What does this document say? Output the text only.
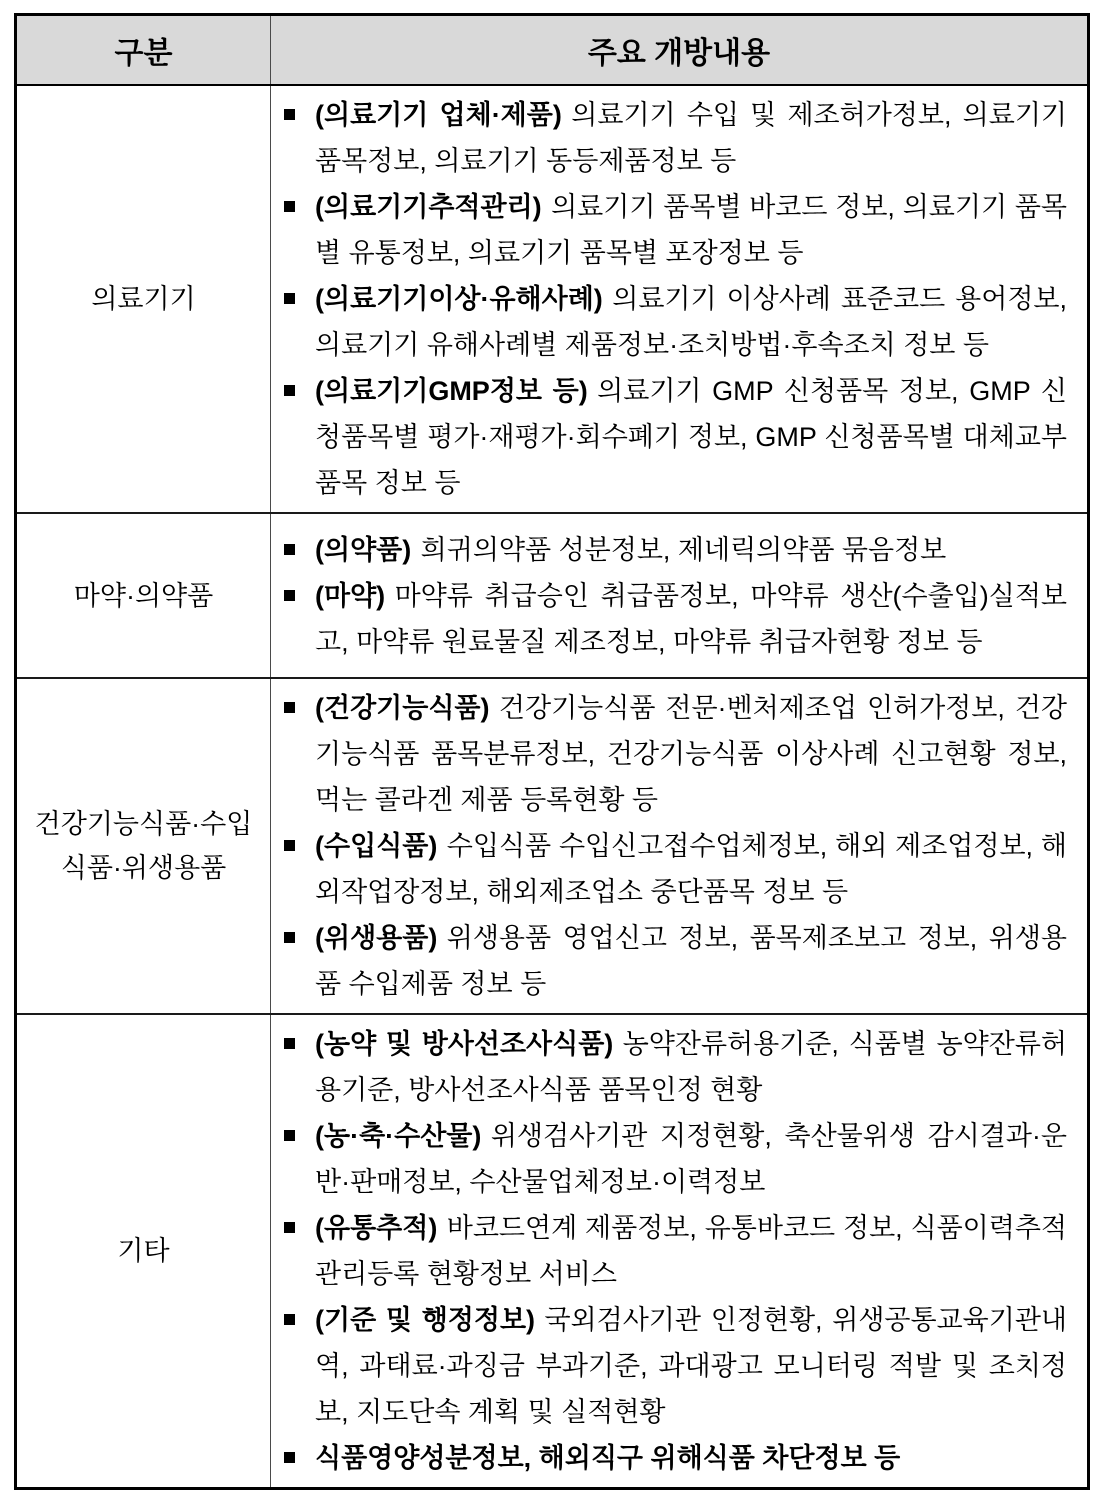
구분	주요 개방내용
의료기기	
(의료기기 업체·제품) 의료기기 수입 및 제조허가정보, 의료기기 품목정보, 의료기기 동등제품정보 등
(의료기기추적관리) 의료기기 품목별 바코드 정보, 의료기기 품목별 유통정보, 의료기기 품목별 포장정보 등
(의료기기이상·유해사례) 의료기기 이상사례 표준코드 용어정보, 의료기기 유해사례별 제품정보·조치방법·후속조치 정보 등
(의료기기GMP정보 등) 의료기기 GMP 신청품목 정보, GMP 신청품목별 평가·재평가·회수폐기 정보, GMP 신청품목별 대체교부품목 정보 등

마약·의약품	
(의약품) 희귀의약품 성분정보, 제네릭의약품 묶음정보
(마약) 마약류 취급승인 취급품정보, 마약류 생산(수출입)실적보고, 마약류 원료물질 제조정보, 마약류 취급자현황 정보 등

건강기능식품·수입식품·위생용품	
(건강기능식품) 건강기능식품 전문·벤처제조업 인허가정보, 건강기능식품 품목분류정보, 건강기능식품 이상사례 신고현황 정보, 먹는 콜라겐 제품 등록현황 등
(수입식품) 수입식품 수입신고접수업체정보, 해외 제조업정보, 해외작업장정보, 해외제조업소 중단품목 정보 등
(위생용품) 위생용품 영업신고 정보, 품목제조보고 정보, 위생용품 수입제품 정보 등

기타	
(농약 및 방사선조사식품) 농약잔류허용기준, 식품별 농약잔류허용기준, 방사선조사식품 품목인정 현황
(농·축·수산물) 위생검사기관 지정현황, 축산물위생 감시결과·운반·판매정보, 수산물업체정보·이력정보
(유통추적) 바코드연계 제품정보, 유통바코드 정보, 식품이력추적관리등록 현황정보 서비스
(기준 및 행정정보) 국외검사기관 인정현황, 위생공통교육기관내역, 과태료·과징금 부과기준, 과대광고 모니터링 적발 및 조치정보, 지도단속 계획 및 실적현황
식품영양성분정보, 해외직구 위해식품 차단정보 등
